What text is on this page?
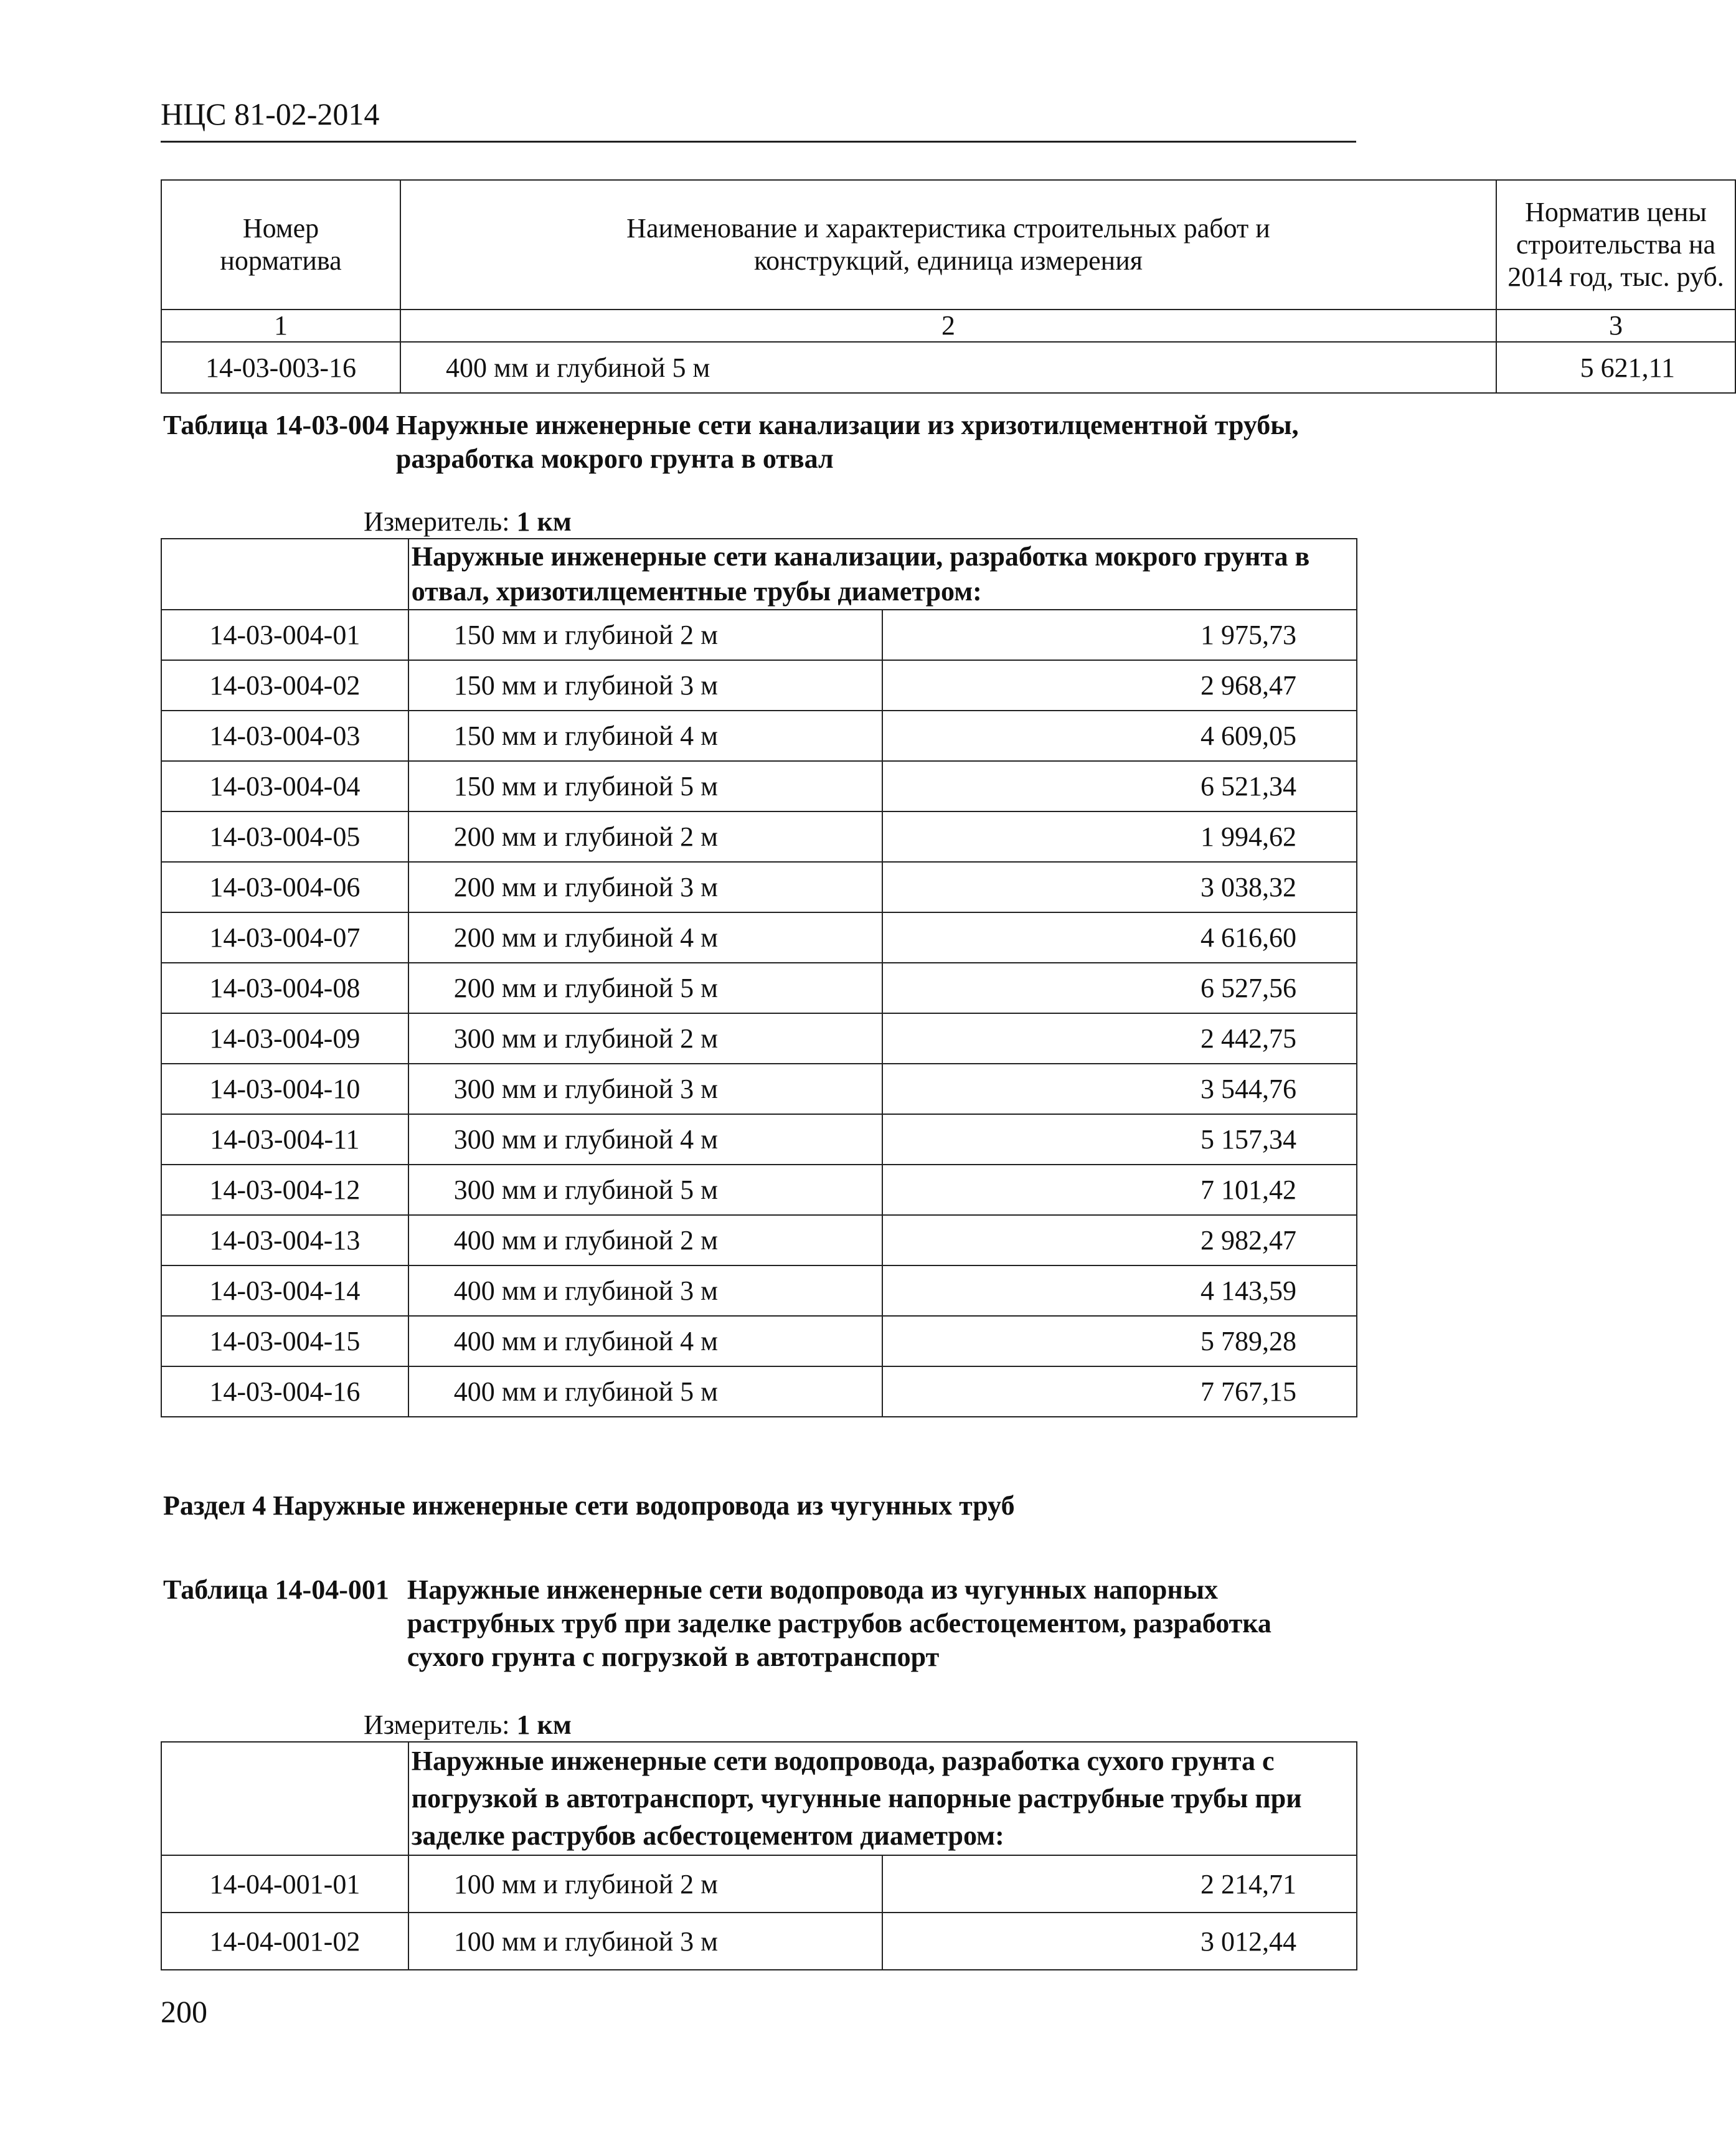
НЦС 81-02-2014
Номер норматива	Наименование и характеристика строительных работ и конструкций, единица измерения	Норматив цены строительства на 2014 год, тыс. руб.
1	2	3
14-03-003-16	400 мм и глубиной 5 м	5 621,11
Таблица 14-03-004 Наружные инженерные сети канализации из хризотилцементной трубы,
разработка мокрого грунта в отвал
Измеритель: 1 км
	Наружные инженерные сети канализации, разработка мокрого грунта в отвал, хризотилцементные трубы диаметром:	
14-03-004-01	150 мм и глубиной 2 м	1 975,73
14-03-004-02	150 мм и глубиной 3 м	2 968,47
14-03-004-03	150 мм и глубиной 4 м	4 609,05
14-03-004-04	150 мм и глубиной 5 м	6 521,34
14-03-004-05	200 мм и глубиной 2 м	1 994,62
14-03-004-06	200 мм и глубиной 3 м	3 038,32
14-03-004-07	200 мм и глубиной 4 м	4 616,60
14-03-004-08	200 мм и глубиной 5 м	6 527,56
14-03-004-09	300 мм и глубиной 2 м	2 442,75
14-03-004-10	300 мм и глубиной 3 м	3 544,76
14-03-004-11	300 мм и глубиной 4 м	5 157,34
14-03-004-12	300 мм и глубиной 5 м	7 101,42
14-03-004-13	400 мм и глубиной 2 м	2 982,47
14-03-004-14	400 мм и глубиной 3 м	4 143,59
14-03-004-15	400 мм и глубиной 4 м	5 789,28
14-03-004-16	400 мм и глубиной 5 м	7 767,15
Раздел 4 Наружные инженерные сети водопровода из чугунных труб
Таблица 14-04-001 Наружные инженерные сети водопровода из чугунных напорных
раструбных труб при заделке раструбов асбестоцементом, разработка
сухого грунта с погрузкой в автотранспорт
Измеритель: 1 км
	Наружные инженерные сети водопровода, разработка сухого грунта с погрузкой в автотранспорт, чугунные напорные раструбные трубы при заделке раструбов асбестоцементом диаметром:	
14-04-001-01	100 мм и глубиной 2 м	2 214,71
14-04-001-02	100 мм и глубиной 3 м	3 012,44
200
